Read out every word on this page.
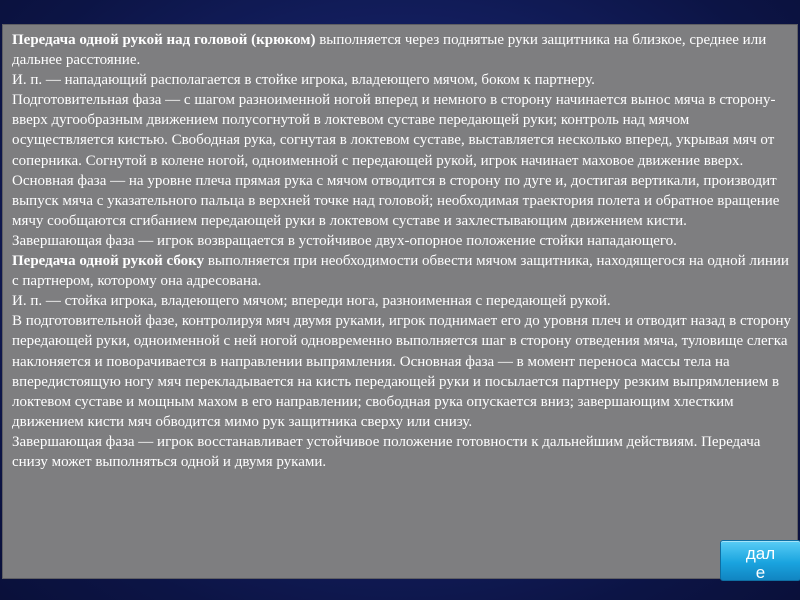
Передача одной рукой над головой (крюком) выполняется через поднятые руки защитника на близкое, среднее или дальнее расстояние.

И. п. — нападающий располагается в стойке игрока, владеющего мячом, боком к партнеру.

Подготовительная фаза — с шагом разноименной ногой вперед и немного в сторону начинается вынос мяча в сторону-вверх дугообразным движением полусогнутой в локтевом суставе передающей руки; контроль над мячом осуществляется кистью. Свободная рука, согнутая в локтевом суставе, выставляется несколько вперед, укрывая мяч от соперника. Согнутой в колене ногой, одноименной с передающей рукой, игрок начинает маховое движение вверх.

Основная фаза — на уровне плеча прямая рука с мячом отводится в сторону по дуге и, достигая вертикали, производит выпуск мяча с указательного пальца в верхней точке над головой; необходимая траектория полета и обратное вращение мячу сообщаются сгибанием передающей руки в локтевом суставе и захлестывающим движением кисти.

Завершающая фаза — игрок возвращается в устойчивое двух-опорное положение стойки нападающего.

Передача одной рукой сбоку выполняется при необходимости обвести мячом защитника, находящегося на одной линии с партнером, которому она адресована.

И. п. — стойка игрока, владеющего мячом; впереди нога, разноименная с передающей рукой.

В подготовительной фазе, контролируя мяч двумя руками, игрок поднимает его до уровня плеч и отводит назад в сторону передающей руки, одноименной с ней ногой одновременно выполняется шаг в сторону отведения мяча, туловище слегка наклоняется и поворачивается в направлении выпрямления. Основная фаза — в момент переноса массы тела на впередистоящую ногу мяч перекладывается на кисть передающей руки и посылается партнеру резким выпрямлением в локтевом суставе и мощным махом в его направлении; свободная рука опускается вниз; завершающим хлестким движением кисти мяч обводится мимо рук защитника сверху или снизу.

Завершающая фаза — игрок восстанавливает устойчивое положение готовности к дальнейшим действиям. Передача снизу может выполняться одной и двумя руками.

дал
е
